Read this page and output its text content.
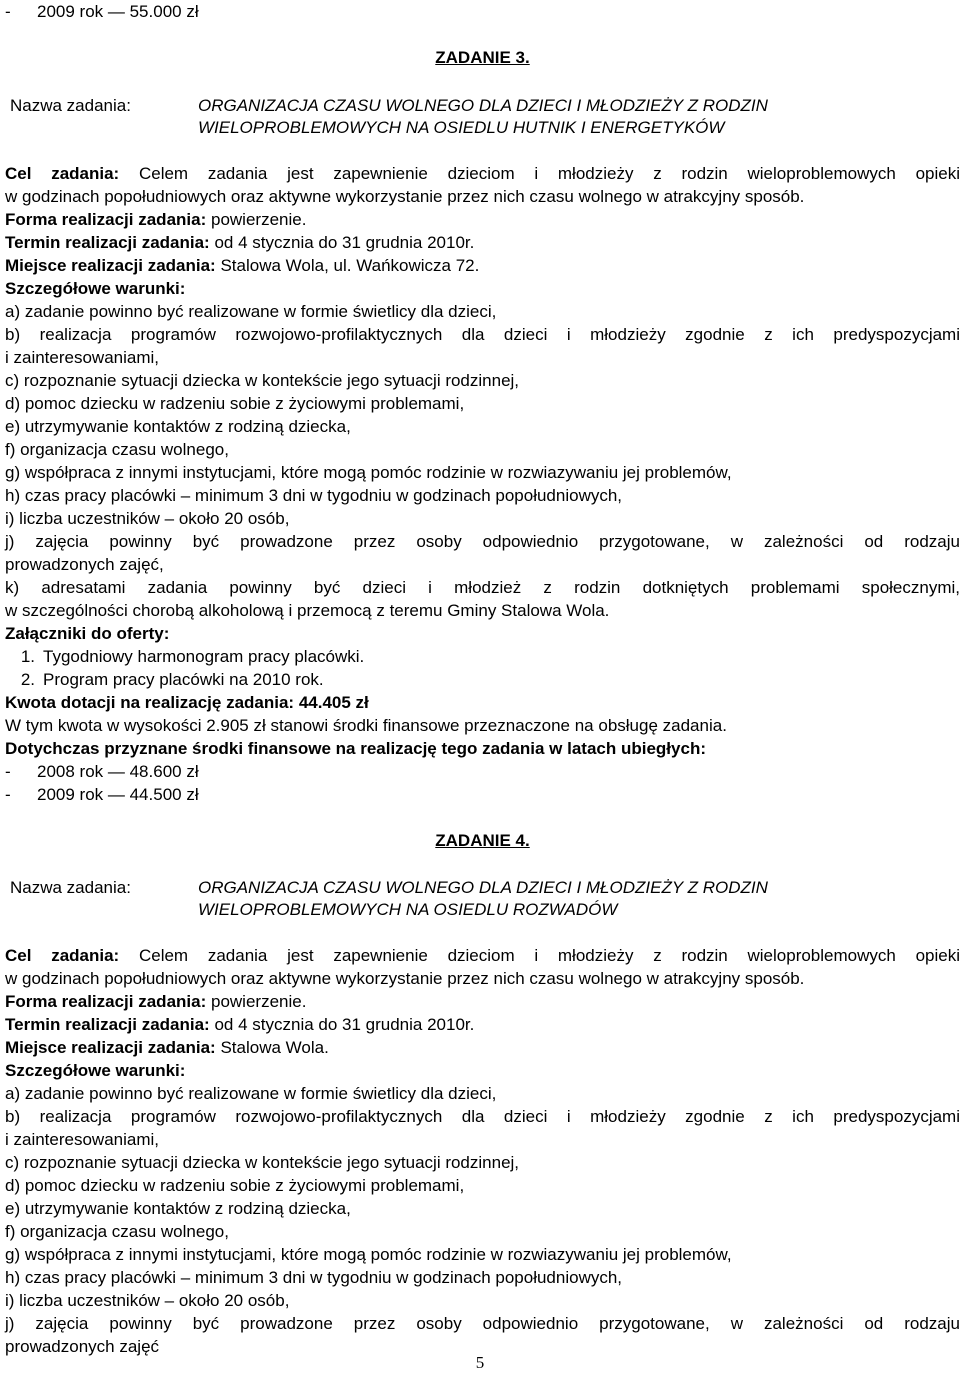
- 2009 rok — 55.000 zł
ZADANIE 3.
Nazwa zadania:	ORGANIZACJA CZASU WOLNEGO DLA DZIECI I MŁODZIEŻY Z RODZIN
WIELOPROBLEMOWYCH NA OSIEDLU HUTNIK I ENERGETYKÓW
Cel zadania: Celem zadania jest zapewnienie dzieciom i młodzieży z rodzin wieloproblemowych opieki
w godzinach popołudniowych oraz aktywne wykorzystanie przez nich czasu wolnego w atrakcyjny sposób.
Forma realizacji zadania: powierzenie.
Termin realizacji zadania: od 4 stycznia do 31 grudnia 2010r.
Miejsce realizacji zadania: Stalowa Wola, ul. Wańkowicza 72.
Szczegółowe warunki:
a) zadanie powinno być realizowane w formie świetlicy dla dzieci,
b) realizacja programów rozwojowo-profilaktycznych dla dzieci i młodzieży zgodnie z ich predyspozycjami
i zainteresowaniami,
c) rozpoznanie sytuacji dziecka w kontekście jego sytuacji rodzinnej,
d) pomoc dziecku w radzeniu sobie z życiowymi problemami,
e) utrzymywanie kontaktów z rodziną dziecka,
f) organizacja czasu wolnego,
g) współpraca z innymi instytucjami, które mogą pomóc rodzinie w rozwiazywaniu jej problemów,
h) czas pracy placówki – minimum 3 dni w tygodniu w godzinach popołudniowych,
i) liczba uczestników – około 20 osób,
j) zajęcia powinny być prowadzone przez osoby odpowiednio przygotowane, w zależności od rodzaju
prowadzonych zajęć,
k) adresatami zadania powinny być dzieci i młodzież z rodzin dotkniętych problemami społecznymi,
w szczególności chorobą alkoholową i przemocą z teremu Gminy Stalowa Wola.
Załączniki do oferty:
1. Tygodniowy harmonogram pracy placówki.
2. Program pracy placówki na 2010 rok.
Kwota dotacji na realizację zadania: 44.405 zł
W tym kwota w wysokości 2.905 zł stanowi środki finansowe przeznaczone na obsługę zadania.
Dotychczas przyznane środki finansowe na realizację tego zadania w latach ubiegłych:
- 2008 rok — 48.600 zł
- 2009 rok — 44.500 zł
ZADANIE 4.
Nazwa zadania:	ORGANIZACJA CZASU WOLNEGO DLA DZIECI I MŁODZIEŻY Z RODZIN
WIELOPROBLEMOWYCH NA OSIEDLU ROZWADÓW
Cel zadania: Celem zadania jest zapewnienie dzieciom i młodzieży z rodzin wieloproblemowych opieki
w godzinach popołudniowych oraz aktywne wykorzystanie przez nich czasu wolnego w atrakcyjny sposób.
Forma realizacji zadania: powierzenie.
Termin realizacji zadania: od 4 stycznia do 31 grudnia 2010r.
Miejsce realizacji zadania: Stalowa Wola.
Szczegółowe warunki:
a) zadanie powinno być realizowane w formie świetlicy dla dzieci,
b) realizacja programów rozwojowo-profilaktycznych dla dzieci i młodzieży zgodnie z ich predyspozycjami
i zainteresowaniami,
c) rozpoznanie sytuacji dziecka w kontekście jego sytuacji rodzinnej,
d) pomoc dziecku w radzeniu sobie z życiowymi problemami,
e) utrzymywanie kontaktów z rodziną dziecka,
f) organizacja czasu wolnego,
g) współpraca z innymi instytucjami, które mogą pomóc rodzinie w rozwiazywaniu jej problemów,
h) czas pracy placówki – minimum 3 dni w tygodniu w godzinach popołudniowych,
i) liczba uczestników – około 20 osób,
j) zajęcia powinny być prowadzone przez osoby odpowiednio przygotowane, w zależności od rodzaju
prowadzonych zajęć
5
